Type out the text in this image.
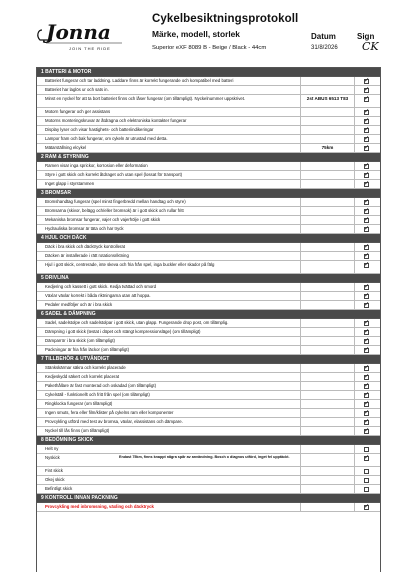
Jonna
JOIN THE RIDE
Cykelbesiktningsprotokoll
Märke, modell, storlek
Superior eXF 8089 B - Beige / Black - 44cm
Datum
31/8/2026
Sign
CK
1 BATTERI & MOTOR
Batteriet fungerar och tar laddning. Laddare finns är korrekt fungerande och kompatibel med batteri	✓
Batteriet har laglös ur och sats in.	✓
Minst en nyckel för att ta bort batteriet finns och låser fungerar (om tillämpligt). Nyckelnummer uppskrivet.	2st ABUS 6513 T83	✓
Motorn fungerar och ger assistans	✓
Motorns monteringskruvar är åtdragna och elektroniska kontakter fungerar	✓
Display lyser och visar hastighets- och batteriindikeringar	✓
Lampor fram och bak fungerar, om cykeln är utrustad med detta.	✓
Mätarställning elcykel	75km	✓
2 RAM & STYRNING
Ramen visar inga sprickor, korrosion eller deformation	✓
Styre i gott skick och korrekt åtdraget och utan spel (lossat för transport)	✓
Inget glapp i styrstammen	✓
3 BROMSAR
Bromshandtag fungerar (spel minst fingerbredd mellan handtag och styre)	✓
Bromsarna (skivor, belägg och/eller bromsok) är i gott skick och rullar fritt	✓
Mekaniska bromsar fungerar, vajer och vajerhölje i gott skick	✓
Hydrauliska bromsar är täta och har tryck	✓
4 HJUL OCH DÄCK
Däck i bra skick och däcktryck kontrollerat	✓
Däcken är installerade i rätt rotationsriktning	✓
Hjul i gott skick, centrerade, inte skeva och fria från spel, inga buckler eller skador på fälg	✓
5 DRIVLINA
Kedjering och kassett i gott skick. Kedja tvättad och smord	✓
Växlar växlar korrekt i båda riktningarna utan att hoppa.	✓
Pedaler medföljer och är i bra skick	✓
6 SADEL & DÄMPNING
Sadel, sadelstolpe och sadelstolpar i gott skick, utan glapp. Fungerande drop post, om tillämplig.	✓
Dämpning i gott skick (testat i döpet och stängt kompressionsläge) (om tillämpligt)	✓
Dämparrör i bra skick (om tillämpligt)	✓
Packningar är fria från läckor (om tillämpligt)	✓
7 TILLBEHÖR & UTVÄNDIGT
Stänkskärmar säkra och korrekt placerade	✓
Kedjeskydd säkert och korrekt placerat	✓
Pakethållare är fast monterad och oskadad (om tillämpligt)	✓
Cykelställ - funktionellt och fritt från spel (om tillämpligt)	✓
Ringklocka fungerar (om tillämpligt)	✓
Ingen smuts, fera eller film/klister på cykelns ram eller komponenter	✓
Provcykling utförd med test av bromsa, växlar, elassistans och dämpare.	✓
Nyckel till lås finns (om tillämpligt)	✓
8 BEDÖMNING SKICK
Helt ny
Nyskick	Endast 75km, finns knappt några spår av användning. Bosch o diagnos utförd, inget fel upptäckt.	✓
Fint skick
Okej skick
Befintligt skick
9 KONTROLL INNAN PACKNING
Provcykling med inbromsning, växling och däcktryck	✓
